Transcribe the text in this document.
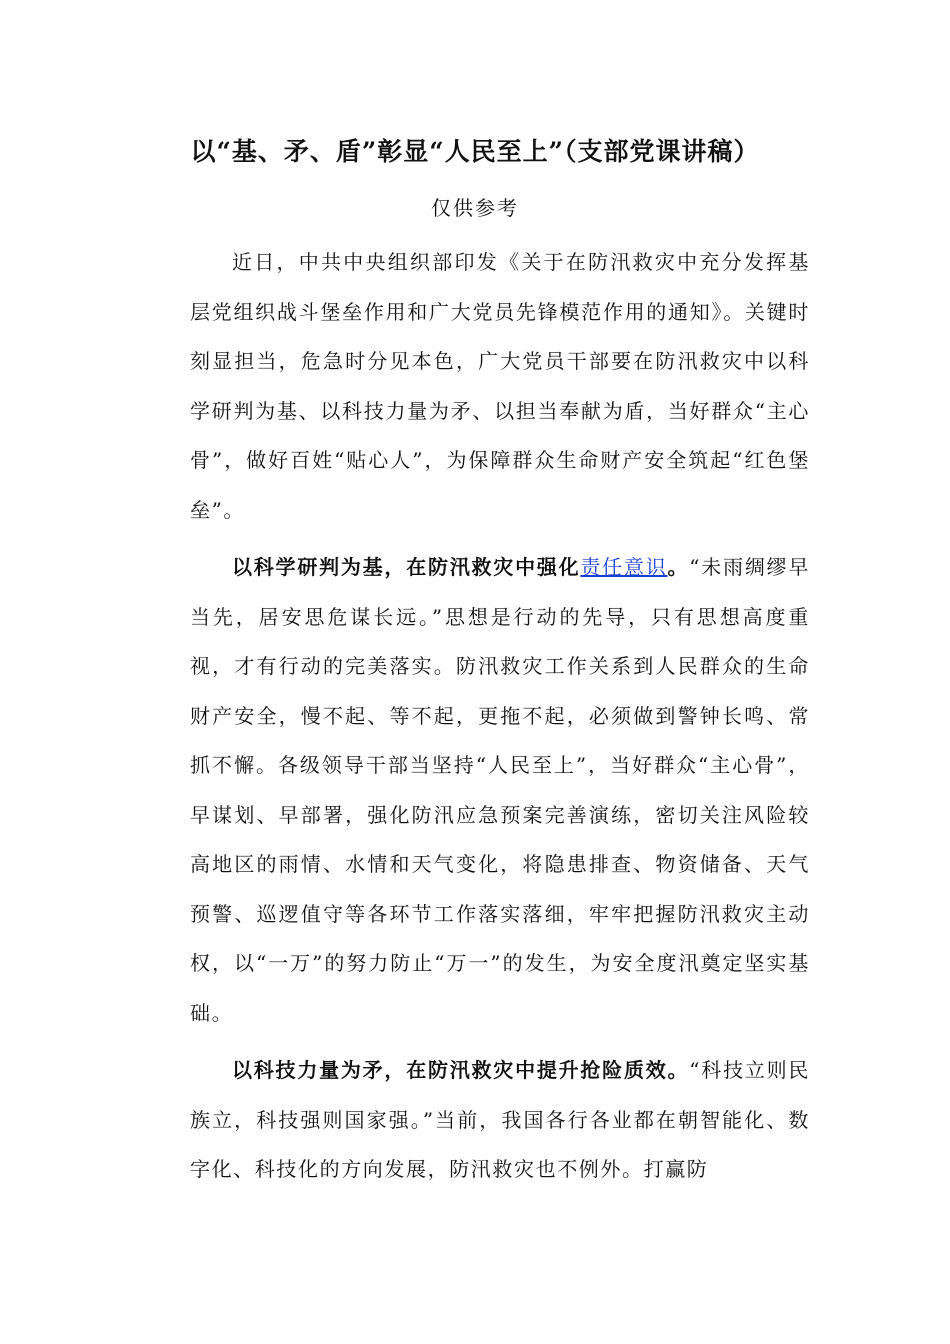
以“基、矛、盾”彰显“人民至上”（支部党课讲稿）
仅供参考

近日，中共中央组织部印发《关于在防汛救灾中充分发挥基层党组织战斗堡垒作用和广大党员先锋模范作用的通知》。关键时刻显担当，危急时分见本色，广大党员干部要在防汛救灾中以科学研判为基、以科技力量为矛、以担当奉献为盾，当好群众“主心骨”，做好百姓“贴心人”，为保障群众生命财产安全筑起“红色堡垒”。

以科学研判为基，在防汛救灾中强化责任意识。“未雨绸缪早当先，居安思危谋长远。”思想是行动的先导，只有思想高度重视，才有行动的完美落实。防汛救灾工作关系到人民群众的生命财产安全，慢不起、等不起，更拖不起，必须做到警钟长鸣、常抓不懈。各级领导干部当坚持“人民至上”，当好群众“主心骨”，早谋划、早部署，强化防汛应急预案完善演练，密切关注风险较高地区的雨情、水情和天气变化，将隐患排查、物资储备、天气预警、巡逻值守等各环节工作落实落细，牢牢把握防汛救灾主动权，以“一万”的努力防止“万一”的发生，为安全度汛奠定坚实基础。

以科技力量为矛，在防汛救灾中提升抢险质效。“科技立则民族立，科技强则国家强。”当前，我国各行各业都在朝智能化、数字化、科技化的方向发展，防汛救灾也不例外。打赢防
